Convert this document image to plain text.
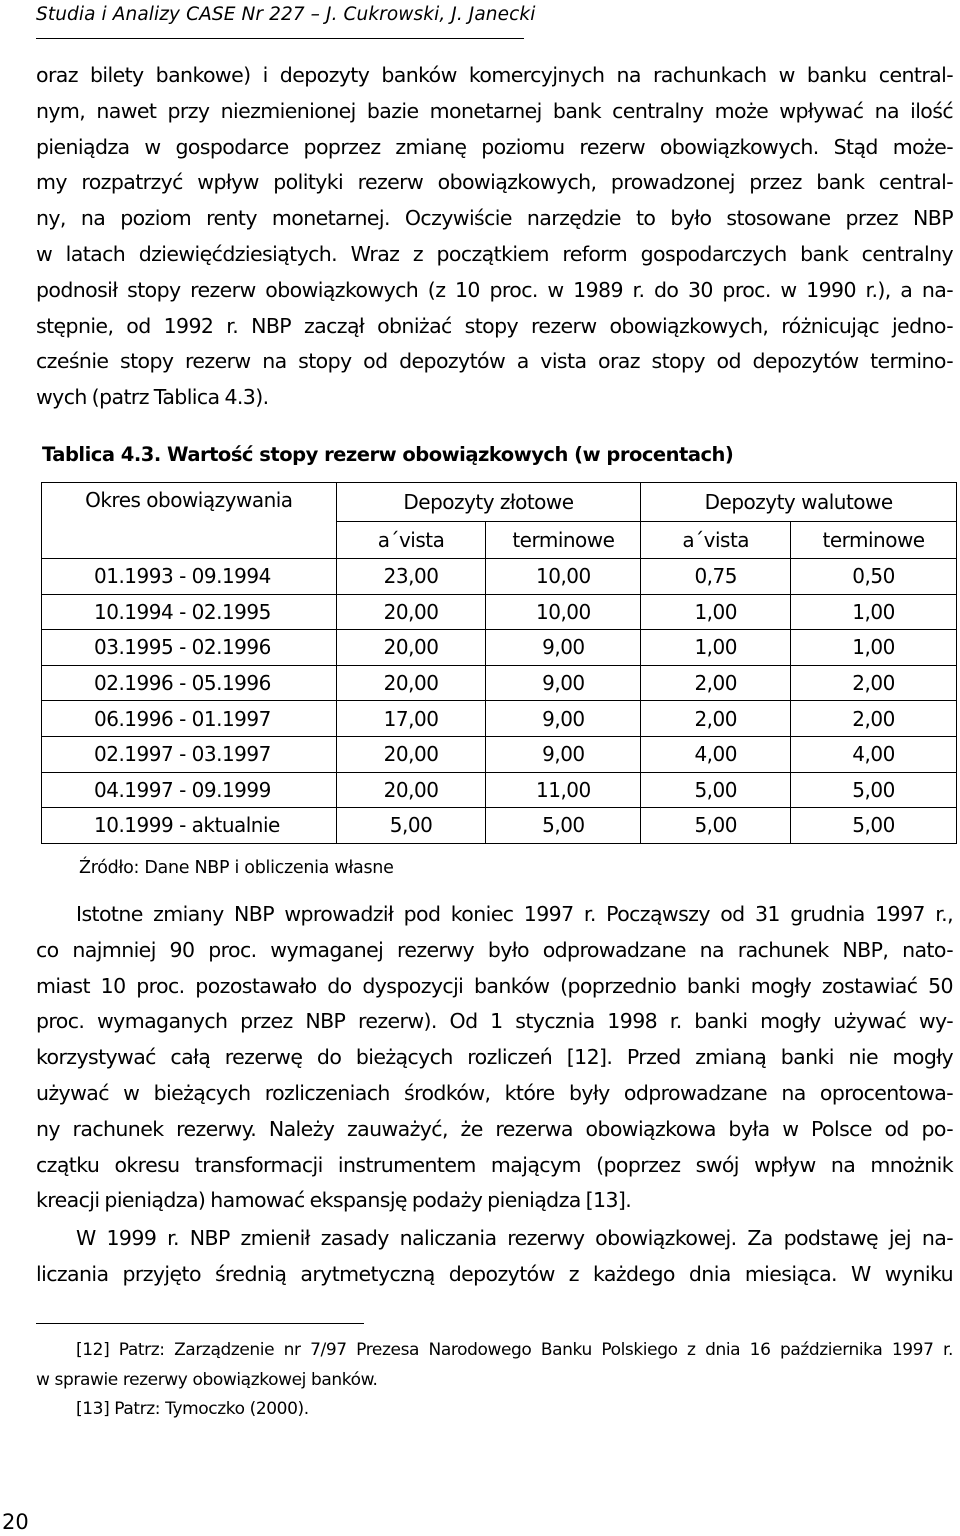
Studia i Analizy CASE Nr 227 – J. Cukrowski, J. Janecki
oraz bilety bankowe) i depozyty banków komercyjnych na rachunkach w banku central-
nym, nawet przy niezmienionej bazie monetarnej bank centralny może wpływać na ilość
pieniądza w gospodarce poprzez zmianę poziomu rezerw obowiązkowych. Stąd może-
my rozpatrzyć wpływ polityki rezerw obowiązkowych, prowadzonej przez bank central-
ny, na poziom renty monetarnej. Oczywiście narzędzie to było stosowane przez NBP
w latach dziewięćdziesiątych. Wraz z początkiem reform gospodarczych bank centralny
podnosił stopy rezerw obowiązkowych (z 10 proc. w 1989 r. do 30 proc. w 1990 r.), a na-
stępnie, od 1992 r. NBP zaczął obniżać stopy rezerw obowiązkowych, różnicując jedno-
cześnie stopy rezerw na stopy od depozytów a vista oraz stopy od depozytów termino-
wych (patrz Tablica 4.3).
Tablica 4.3. Wartość stopy rezerw obowiązkowych (w procentach)
Okres obowiązywania	Depozyty złotowe		Depozyty walutowe	
	a´vista	terminowe	a´vista	terminowe
01.1993 - 09.1994	23,00	10,00	0,75	0,50
10.1994 - 02.1995	20,00	10,00	1,00	1,00
03.1995 - 02.1996	20,00	9,00	1,00	1,00
02.1996 - 05.1996	20,00	9,00	2,00	2,00
06.1996 - 01.1997	17,00	9,00	2,00	2,00
02.1997 - 03.1997	20,00	9,00	4,00	4,00
04.1997 - 09.1999	20,00	11,00	5,00	5,00
10.1999 - aktualnie	5,00	5,00	5,00	5,00
Źródło: Dane NBP i obliczenia własne
Istotne zmiany NBP wprowadził pod koniec 1997 r. Począwszy od 31 grudnia 1997 r.,
co najmniej 90 proc. wymaganej rezerwy było odprowadzane na rachunek NBP, nato-
miast 10 proc. pozostawało do dyspozycji banków (poprzednio banki mogły zostawiać 50
proc. wymaganych przez NBP rezerw). Od 1 stycznia 1998 r. banki mogły używać wy-
korzystywać całą rezerwę do bieżących rozliczeń [12]. Przed zmianą banki nie mogły
używać w bieżących rozliczeniach środków, które były odprowadzane na oprocentowa-
ny rachunek rezerwy. Należy zauważyć, że rezerwa obowiązkowa była w Polsce od po-
czątku okresu transformacji instrumentem mającym (poprzez swój wpływ na mnożnik
kreacji pieniądza) hamować ekspansję podaży pieniądza [13].
W 1999 r. NBP zmienił zasady naliczania rezerwy obowiązkowej. Za podstawę jej na-
liczania przyjęto średnią arytmetyczną depozytów z każdego dnia miesiąca. W wyniku
[12] Patrz: Zarządzenie nr 7/97 Prezesa Narodowego Banku Polskiego z dnia 16 października 1997 r.
w sprawie rezerwy obowiązkowej banków.
[13] Patrz: Tymoczko (2000).
20
